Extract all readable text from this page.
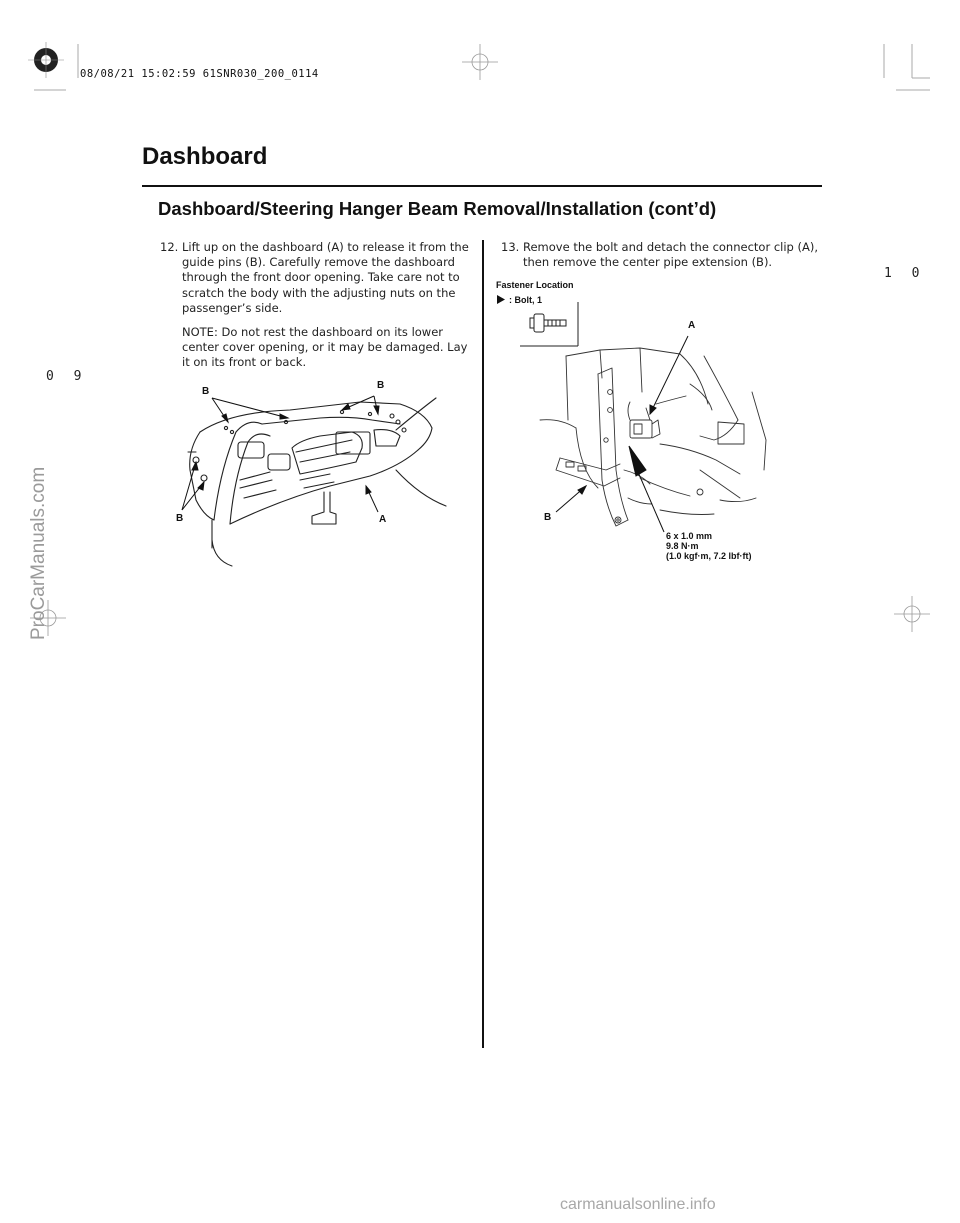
08/08/21 15:02:59 61SNR030_200_0114
Dashboard
Dashboard/Steering Hanger Beam Removal/Installation (cont’d)
1 0
0 9
12. Lift up on the dashboard (A) to release it from the guide pins (B). Carefully remove the dashboard through the front door opening. Take care not to scratch the body with the adjusting nuts on the passenger’s side.
NOTE: Do not rest the dashboard on its lower center cover opening, or it may be damaged. Lay it on its front or back.
13. Remove the bolt and detach the connector clip (A), then remove the center pipe extension (B).
B
B
B	A
Fastener Location
: Bolt, 1
A
B
6 x 1.0 mm
9.8 N·m
(1.0 kgf·m, 7.2 lbf·ft)
ProCarManuals.com
carmanualsonline.info
